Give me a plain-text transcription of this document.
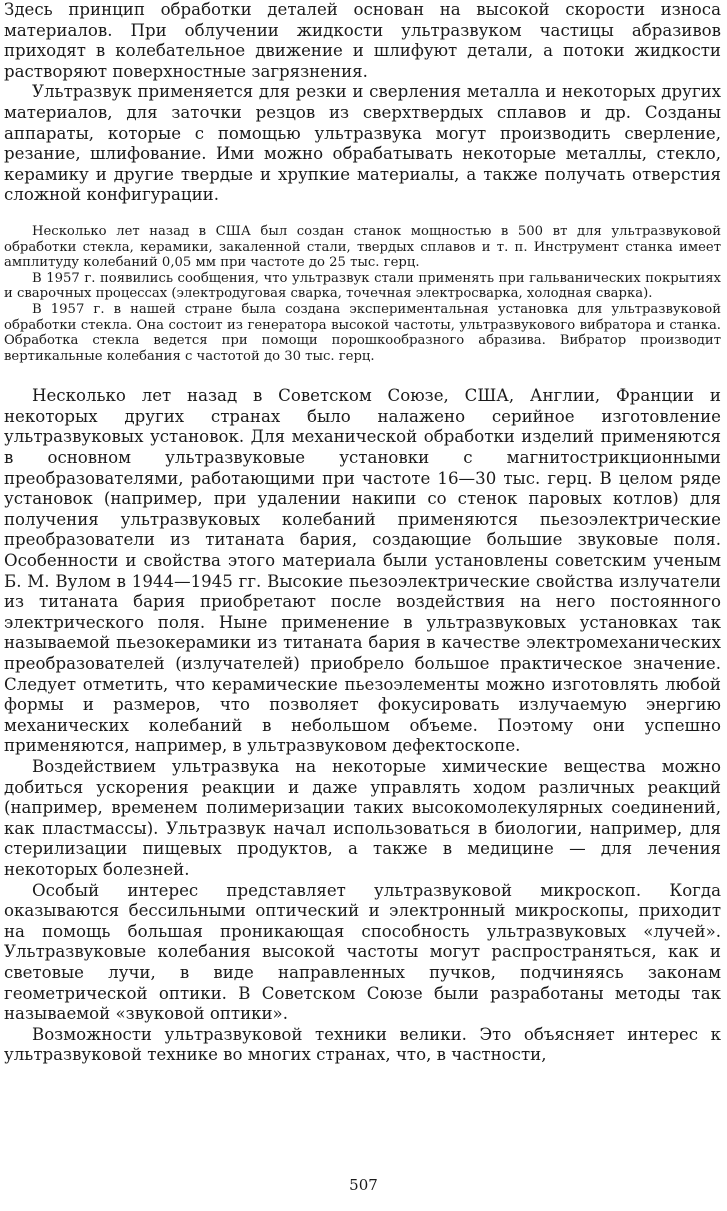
Здесь принцип обработки деталей основан на высокой скорости износа материалов. При облучении жидкости ультразвуком частицы абразивов приходят в колебательное движение и шлифуют детали, а потоки жидкости растворяют поверхностные загрязнения.

Ультразвук применяется для резки и сверления металла и некоторых других материалов, для заточки резцов из сверхтвердых сплавов и др. Созданы аппараты, которые с помощью ультразвука могут производить сверление, резание, шлифование. Ими можно обрабатывать некоторые металлы, стекло, керамику и другие твердые и хрупкие материалы, а также получать отверстия сложной конфигурации.

Несколько лет назад в США был создан станок мощностью в 500 вт для ультразвуковой обработки стекла, керамики, закаленной стали, твердых сплавов и т. п. Инструмент станка имеет амплитуду колебаний 0,05 мм при частоте до 25 тыс. герц.

В 1957 г. появились сообщения, что ультразвук стали применять при гальванических покрытиях и сварочных процессах (электродуговая сварка, точечная электросварка, холодная сварка).

В 1957 г. в нашей стране была создана экспериментальная установка для ультразвуковой обработки стекла. Она состоит из генератора высокой частоты, ультразвукового вибратора и станка. Обработка стекла ведется при помощи порошкообразного абразива. Вибратор производит вертикальные колебания с частотой до 30 тыс. герц.

Несколько лет назад в Советском Союзе, США, Англии, Франции и некоторых других странах было налажено серийное изготовление ультразвуковых установок. Для механической обработки изделий применяются в основном ультразвуковые установки с магнитострикционными преобразователями, работающими при частоте 16—30 тыс. герц. В целом ряде установок (например, при удалении накипи со стенок паровых котлов) для получения ультразвуковых колебаний применяются пьезоэлектрические преобразователи из титаната бария, создающие большие звуковые поля. Особенности и свойства этого материала были установлены советским ученым Б. М. Вулом в 1944—1945 гг. Высокие пьезоэлектрические свойства излучатели из титаната бария приобретают после воздействия на него постоянного электрического поля. Ныне применение в ультразвуковых установках так называемой пьезокерамики из титаната бария в качестве электромеханических преобразователей (излучателей) приобрело большое практическое значение. Следует отметить, что керамические пьезоэлементы можно изготовлять любой формы и размеров, что позволяет фокусировать излучаемую энергию механических колебаний в небольшом объеме. Поэтому они успешно применяются, например, в ультразвуковом дефектоскопе.

Воздействием ультразвука на некоторые химические вещества можно добиться ускорения реакции и даже управлять ходом различных реакций (например, временем полимеризации таких высокомолекулярных соединений, как пластмассы). Ультразвук начал использоваться в биологии, например, для стерилизации пищевых продуктов, а также в медицине — для лечения некоторых болезней.

Особый интерес представляет ультразвуковой микроскоп. Когда оказываются бессильными оптический и электронный микроскопы, приходит на помощь большая проникающая способность ультразвуковых «лучей». Ультразвуковые колебания высокой частоты могут распространяться, как и световые лучи, в виде направленных пучков, подчиняясь законам геометрической оптики. В Советском Союзе были разработаны методы так называемой «звуковой оптики».

Возможности ультразвуковой техники велики. Это объясняет интерес к ультразвуковой технике во многих странах, что, в частности,

507
